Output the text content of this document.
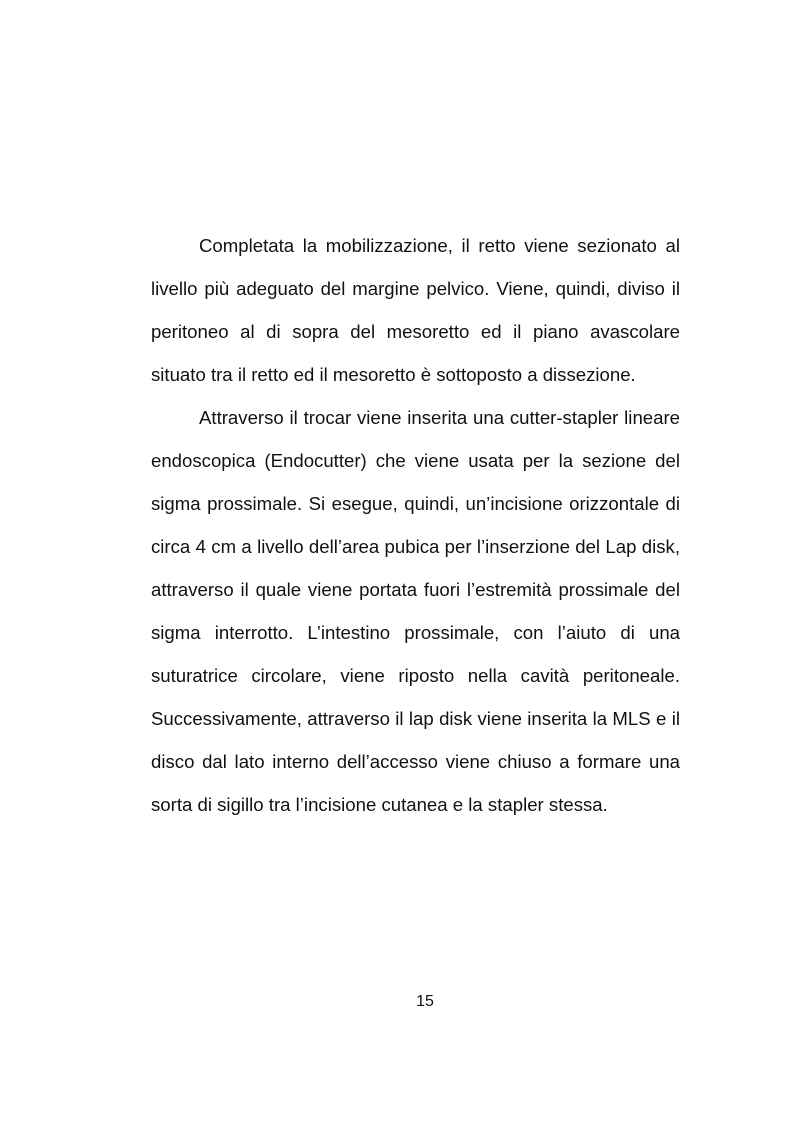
Completata la mobilizzazione, il retto viene sezionato al livello più adeguato del margine pelvico. Viene, quindi, diviso il peritoneo al di sopra del mesoretto ed il piano avascolare situato tra il retto ed il mesoretto è sottoposto a dissezione.

Attraverso il trocar viene inserita una cutter-stapler lineare endoscopica (Endocutter) che viene usata per la sezione del sigma prossimale. Si esegue, quindi, un’incisione orizzontale di circa 4 cm a livello dell’area pubica per l’inserzione del Lap disk, attraverso il quale viene portata fuori l’estremità prossimale del sigma interrotto. L’intestino prossimale, con l’aiuto di una suturatrice circolare, viene riposto nella cavità peritoneale. Successivamente, attraverso il lap disk viene inserita la MLS e il disco dal lato interno dell’accesso viene chiuso a formare una sorta di sigillo tra l’incisione cutanea e la stapler stessa.

15
